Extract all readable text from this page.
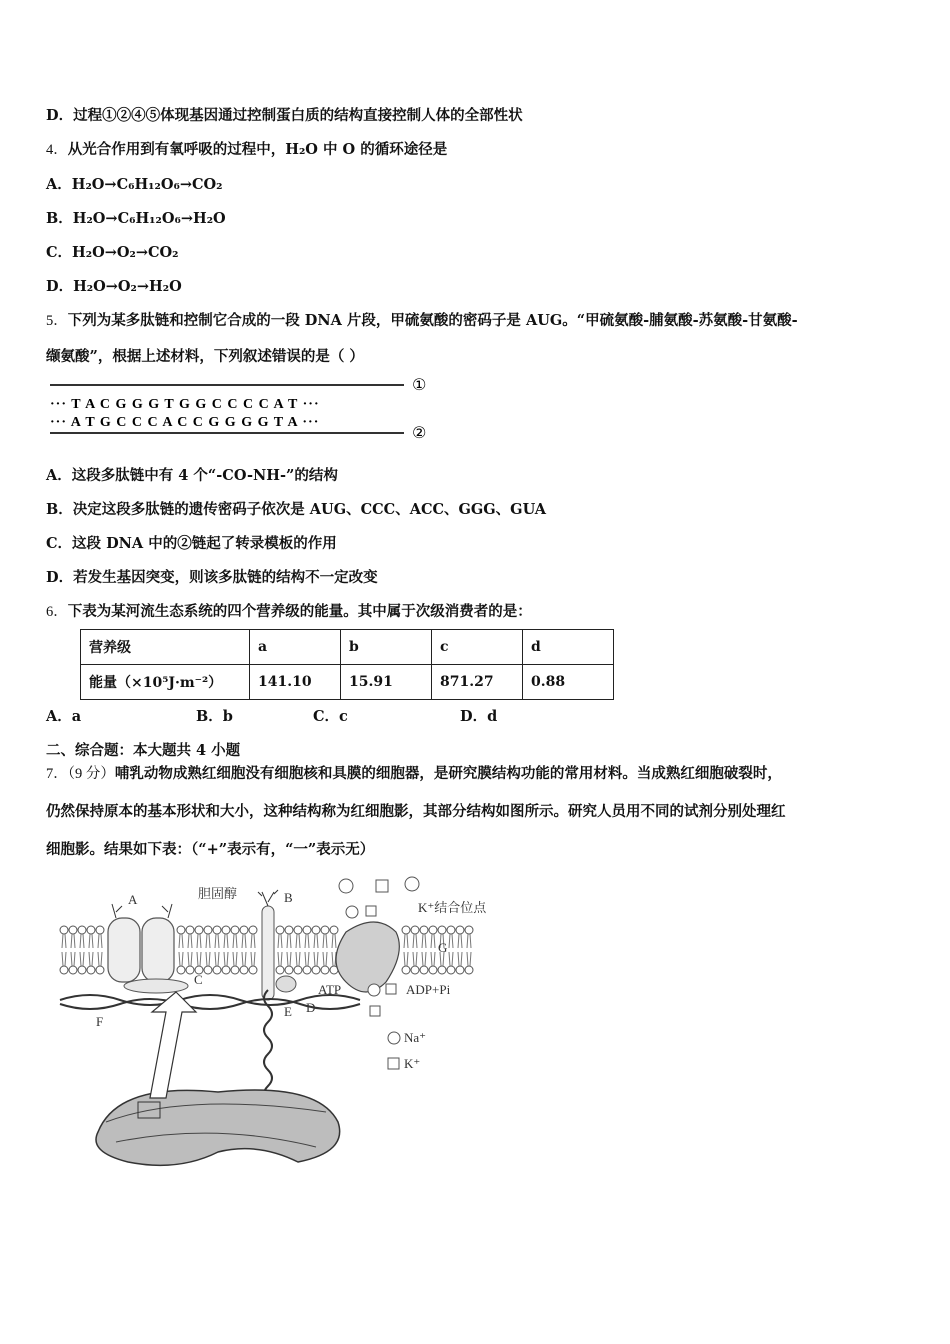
D．过程①②④⑤体现基因通过控制蛋白质的结构直接控制人体的全部性状
4．从光合作用到有氧呼吸的过程中，H₂O 中 O 的循环途径是
A．H₂O→C₆H₁₂O₆→CO₂
B．H₂O→C₆H₁₂O₆→H₂O
C．H₂O→O₂→CO₂
D．H₂O→O₂→H₂O
5．下列为某多肽链和控制它合成的一段 DNA 片段，甲硫氨酸的密码子是 AUG。“甲硫氨酸-脯氨酸-苏氨酸-甘氨酸-
缬氨酸”，根据上述材料，下列叙述错误的是（ ）
··· T A C G G G T G G C C C C A T ···
··· A T G C C C A C C G G G G T A ···
①
②
A．这段多肽链中有 4 个“-CO-NH-”的结构
B．决定这段多肽链的遗传密码子依次是 AUG、CCC、ACC、GGG、GUA
C．这段 DNA 中的②链起了转录模板的作用
D．若发生基因突变，则该多肽链的结构不一定改变
6．下表为某河流生态系统的四个营养级的能量。其中属于次级消费者的是：
营养级	a	b	c	d
能量（×10⁵J·m⁻²）	141.10	15.91	871.27	0.88
A．a	B．b	C．c	D．d
二、综合题：本大题共 4 小题
7．（9 分）哺乳动物成熟红细胞没有细胞核和具膜的细胞器，是研究膜结构功能的常用材料。当成熟红细胞破裂时，
仍然保持原本的基本形状和大小，这种结构称为红细胞影，其部分结构如图所示。研究人员用不同的试剂分别处理红
细胞影。结果如下表：（“+”表示有，“一”表示无）
A
C
F
胆固醇	B
E D
K⁺结合位点
G
ATP	ADP+Pi
Na⁺
K⁺
